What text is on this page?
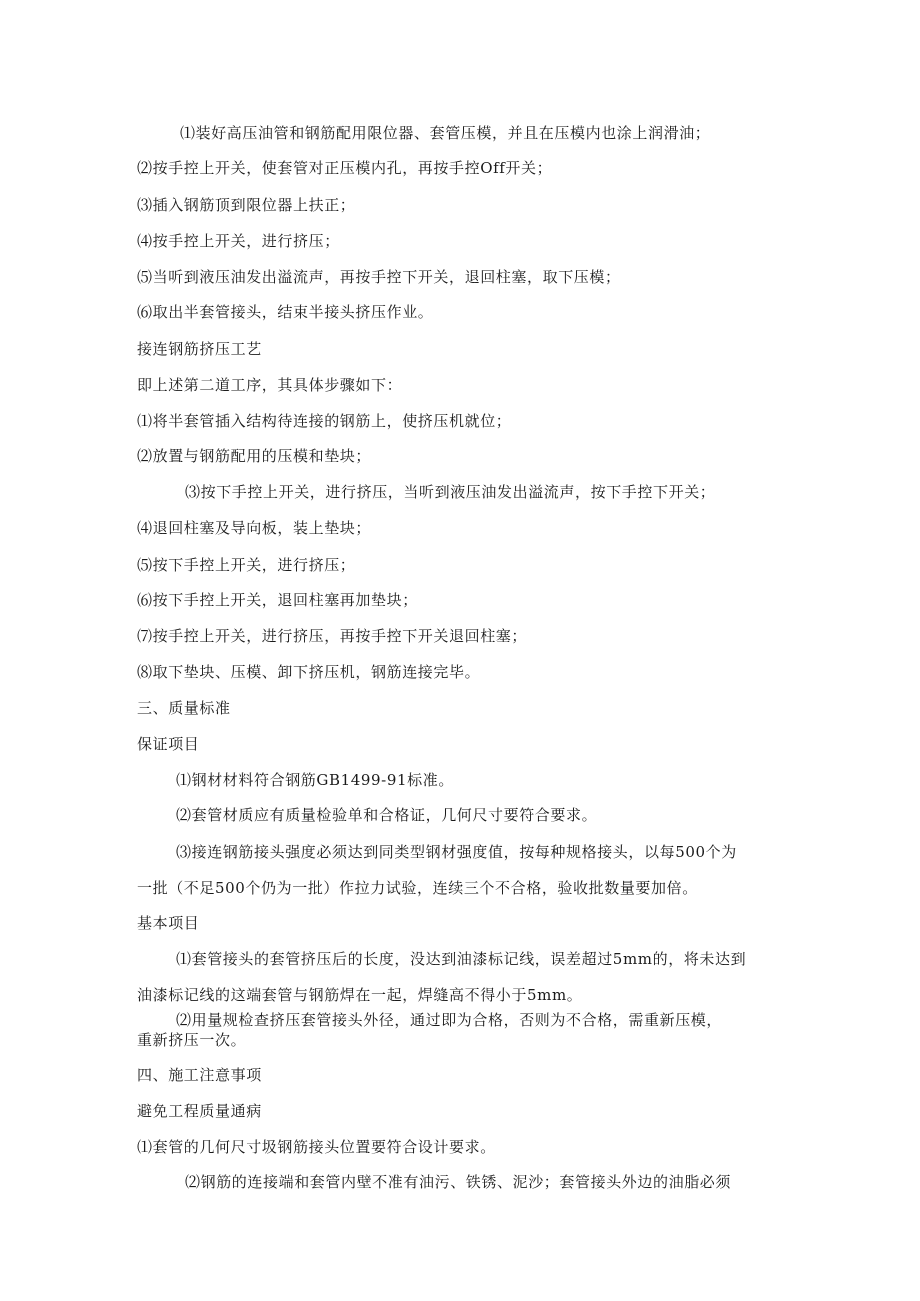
⑴装好高压油管和钢筋配用限位器、套管压模，并且在压模内也涂上润滑油；
⑵按手控上开关，使套管对正压模内孔，再按手控Off开关；
⑶插入钢筋顶到限位器上扶正；
⑷按手控上开关，进行挤压；
⑸当听到液压油发出溢流声，再按手控下开关，退回柱塞，取下压模；
⑹取出半套管接头，结束半接头挤压作业。
接连钢筋挤压工艺
即上述第二道工序，其具体步骤如下：
⑴将半套管插入结构待连接的钢筋上，使挤压机就位；
⑵放置与钢筋配用的压模和垫块；
⑶按下手控上开关，进行挤压，当听到液压油发出溢流声，按下手控下开关；
⑷退回柱塞及导向板，装上垫块；
⑸按下手控上开关，进行挤压；
⑹按下手控上开关，退回柱塞再加垫块；
⑺按手控上开关，进行挤压，再按手控下开关退回柱塞；
⑻取下垫块、压模、卸下挤压机，钢筋连接完毕。
三、质量标准
保证项目
⑴钢材材料符合钢筋GB1499-91标准。
⑵套管材质应有质量检验单和合格证，几何尺寸要符合要求。
⑶接连钢筋接头强度必须达到同类型钢材强度值，按每种规格接头，以每500个为
一批（不足500个仍为一批）作拉力试验，连续三个不合格，验收批数量要加倍。
基本项目
⑴套管接头的套管挤压后的长度，没达到油漆标记线，误差超过5mm的，将未达到
油漆标记线的这端套管与钢筋焊在一起，焊缝高不得小于5mm。
⑵用量规检查挤压套管接头外径，通过即为合格，否则为不合格，需重新压模，
重新挤压一次。
四、施工注意事项
避免工程质量通病
⑴套管的几何尺寸圾钢筋接头位置要符合设计要求。
⑵钢筋的连接端和套管内壁不准有油污、铁锈、泥沙；套管接头外边的油脂必须
